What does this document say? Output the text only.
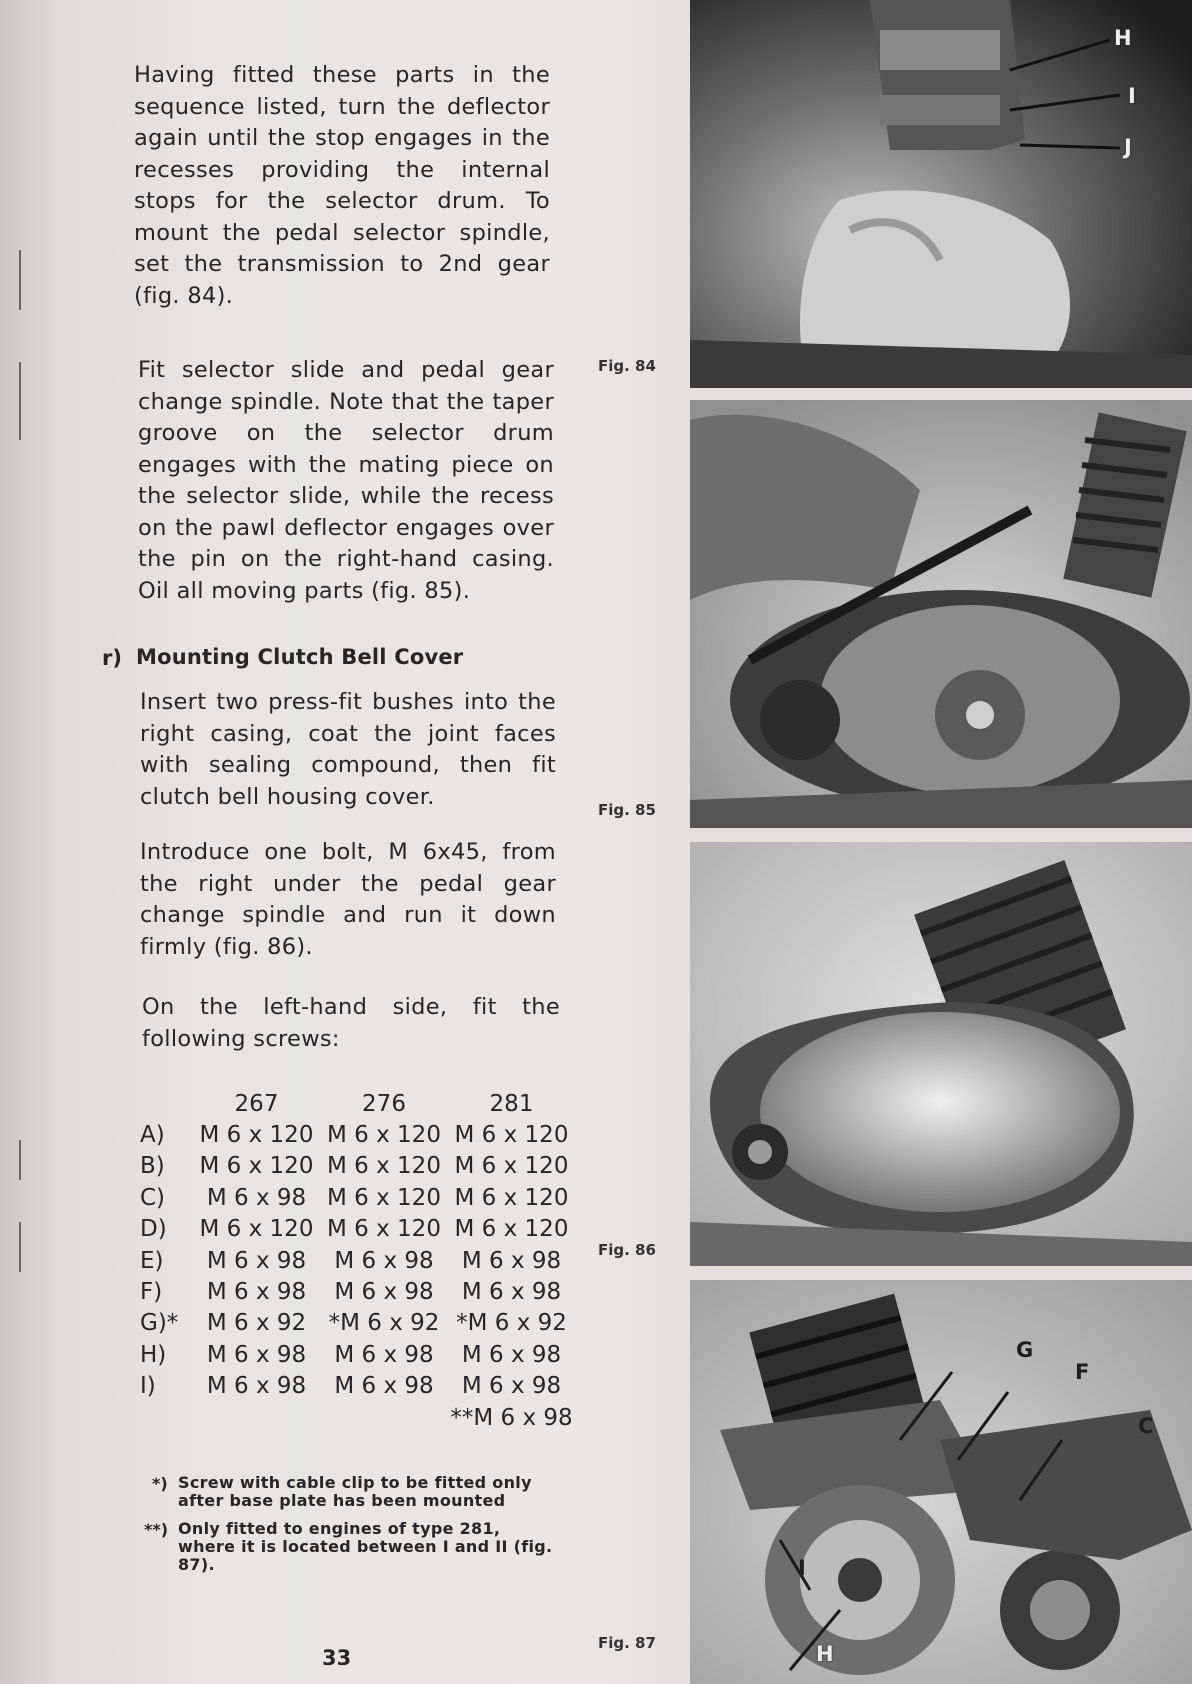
Having fitted these parts in the sequence listed, turn the deflector again until the stop engages in the recesses providing the internal stops for the selector drum. To mount the pedal selector spindle, set the transmission to 2nd gear (fig. 84).

Fit selector slide and pedal gear change spindle. Note that the taper groove on the selector drum engages with the mating piece on the selector slide, while the recess on the pawl deflector engages over the pin on the right-hand casing. Oil all moving parts (fig. 85).

r) Mounting Clutch Bell Cover

Insert two press-fit bushes into the right casing, coat the joint faces with sealing compound, then fit clutch bell housing cover.

Introduce one bolt, M 6x45, from the right under the pedal gear change spindle and run it down firmly (fig. 86).

On the left-hand side, fit the following screws:

	267	276	281
A)	M 6 x 120	M 6 x 120	M 6 x 120
B)	M 6 x 120	M 6 x 120	M 6 x 120
C)	M 6 x 98	M 6 x 120	M 6 x 120
D)	M 6 x 120	M 6 x 120	M 6 x 120
E)	M 6 x 98	M 6 x 98	M 6 x 98
F)	M 6 x 98	M 6 x 98	M 6 x 98
G)*	M 6 x 92	*M 6 x 92	*M 6 x 92
H)	M 6 x 98	M 6 x 98	M 6 x 98
I)	M 6 x 98	M 6 x 98	M 6 x 98
			**M 6 x 98
*) Screw with cable clip to be fitted only after base plate has been mounted

**) Only fitted to engines of type 281, where it is located between I and II (fig. 87).

33
Fig. 84
Fig. 85
Fig. 86
Fig. 87
H
I
J
G
F
C
I
H
